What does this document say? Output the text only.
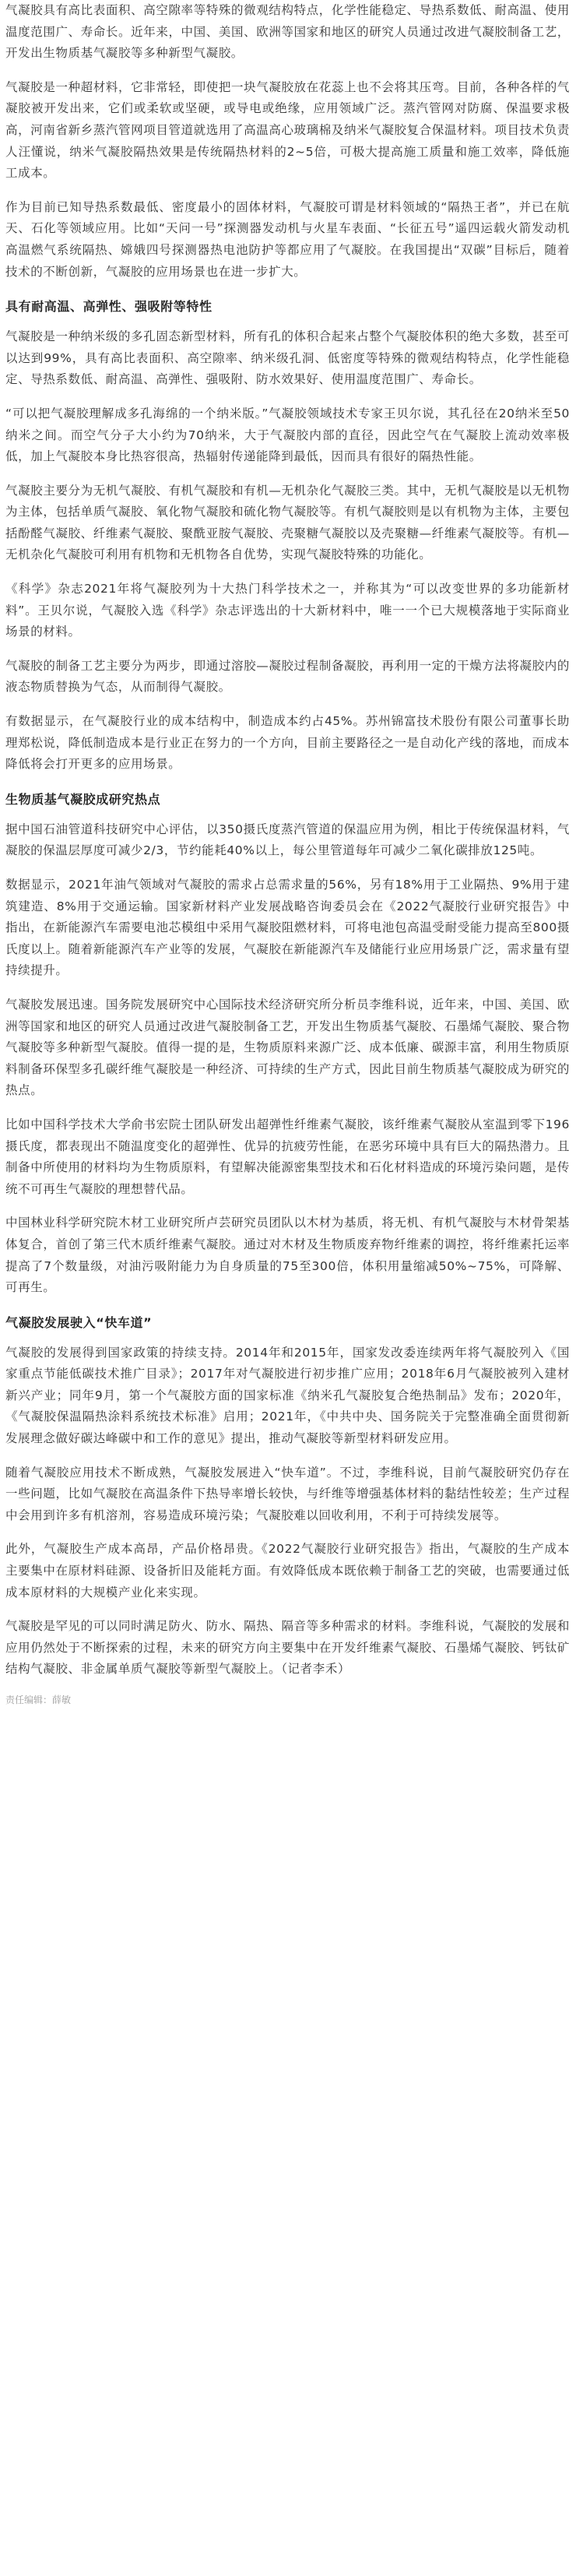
气凝胶具有高比表面积、高空隙率等特殊的微观结构特点，化学性能稳定、导热系数低、耐高温、使用温度范围广、寿命长。近年来，中国、美国、欧洲等国家和地区的研究人员通过改进气凝胶制备工艺，开发出生物质基气凝胶等多种新型气凝胶。
气凝胶是一种超材料，它非常轻，即使把一块气凝胶放在花蕊上也不会将其压弯。目前，各种各样的气凝胶被开发出来，它们或柔软或坚硬，或导电或绝缘，应用领域广泛。蒸汽管网对防腐、保温要求极高，河南省新乡蒸汽管网项目管道就选用了高温高心玻璃棉及纳米气凝胶复合保温材料。项目技术负责人汪懂说，纳米气凝胶隔热效果是传统隔热材料的2~5倍，可极大提高施工质量和施工效率，降低施工成本。
作为目前已知导热系数最低、密度最小的固体材料，气凝胶可谓是材料领域的“隔热王者”，并已在航天、石化等领域应用。比如“天问一号”探测器发动机与火星车表面、“长征五号”遥四运载火箭发动机高温燃气系统隔热、嫦娥四号探测器热电池防护等都应用了气凝胶。在我国提出“双碳”目标后，随着技术的不断创新，气凝胶的应用场景也在进一步扩大。
具有耐高温、高弹性、强吸附等特性
气凝胶是一种纳米级的多孔固态新型材料，所有孔的体积合起来占整个气凝胶体积的绝大多数，甚至可以达到99%，具有高比表面积、高空隙率、纳米级孔洞、低密度等特殊的微观结构特点，化学性能稳定、导热系数低、耐高温、高弹性、强吸附、防水效果好、使用温度范围广、寿命长。
“可以把气凝胶理解成多孔海绵的一个纳米版。”气凝胶领域技术专家王贝尔说，其孔径在20纳米至50纳米之间。而空气分子大小约为70纳米，大于气凝胶内部的直径，因此空气在气凝胶上流动效率极低，加上气凝胶本身比热容很高，热辐射传递能降到最低，因而具有很好的隔热性能。
气凝胶主要分为无机气凝胶、有机气凝胶和有机—无机杂化气凝胶三类。其中，无机气凝胶是以无机物为主体，包括单质气凝胶、氧化物气凝胶和硫化物气凝胶等。有机气凝胶则是以有机物为主体，主要包括酚醛气凝胶、纤维素气凝胶、聚酰亚胺气凝胶、壳聚糖气凝胶以及壳聚糖—纤维素气凝胶等。有机—无机杂化气凝胶可利用有机物和无机物各自优势，实现气凝胶特殊的功能化。
《科学》杂志2021年将气凝胶列为十大热门科学技术之一，并称其为“可以改变世界的多功能新材料”。王贝尔说，气凝胶入选《科学》杂志评选出的十大新材料中，唯一一个已大规模落地于实际商业场景的材料。
气凝胶的制备工艺主要分为两步，即通过溶胶—凝胶过程制备凝胶，再利用一定的干燥方法将凝胶内的液态物质替换为气态，从而制得气凝胶。
有数据显示，在气凝胶行业的成本结构中，制造成本约占45%。苏州锦富技术股份有限公司董事长助理郑松说，降低制造成本是行业正在努力的一个方向，目前主要路径之一是自动化产线的落地，而成本降低将会打开更多的应用场景。
生物质基气凝胶成研究热点
据中国石油管道科技研究中心评估，以350摄氏度蒸汽管道的保温应用为例，相比于传统保温材料，气凝胶的保温层厚度可减少2/3，节约能耗40%以上，每公里管道每年可减少二氧化碳排放125吨。
数据显示，2021年油气领域对气凝胶的需求占总需求量的56%，另有18%用于工业隔热、9%用于建筑建造、8%用于交通运输。国家新材料产业发展战略咨询委员会在《2022气凝胶行业研究报告》中指出，在新能源汽车需要电池芯模组中采用气凝胶阻燃材料，可将电池包高温受耐受能力提高至800摄氏度以上。随着新能源汽车产业等的发展，气凝胶在新能源汽车及储能行业应用场景广泛，需求量有望持续提升。
气凝胶发展迅速。国务院发展研究中心国际技术经济研究所分析员李维科说，近年来，中国、美国、欧洲等国家和地区的研究人员通过改进气凝胶制备工艺，开发出生物质基气凝胶、石墨烯气凝胶、聚合物气凝胶等多种新型气凝胶。值得一提的是，生物质原料来源广泛、成本低廉、碳源丰富，利用生物质原料制备环保型多孔碳纤维气凝胶是一种经济、可持续的生产方式，因此目前生物质基气凝胶成为研究的热点。
比如中国科学技术大学俞书宏院士团队研发出超弹性纤维素气凝胶，该纤维素气凝胶从室温到零下196摄氏度，都表现出不随温度变化的超弹性、优异的抗疲劳性能，在恶劣环境中具有巨大的隔热潜力。且制备中所使用的材料均为生物质原料，有望解决能源密集型技术和石化材料造成的环境污染问题，是传统不可再生气凝胶的理想替代品。
中国林业科学研究院木材工业研究所卢芸研究员团队以木材为基质，将无机、有机气凝胶与木材骨架基体复合，首创了第三代木质纤维素气凝胶。通过对木材及生物质废弃物纤维素的调控，将纤维素托运率提高了7个数量级，对油污吸附能力为自身质量的75至300倍，体积用量缩减50%~75%，可降解、可再生。
气凝胶发展驶入“快车道”
气凝胶的发展得到国家政策的持续支持。2014年和2015年，国家发改委连续两年将气凝胶列入《国家重点节能低碳技术推广目录》；2017年对气凝胶进行初步推广应用；2018年6月气凝胶被列入建材新兴产业；同年9月，第一个气凝胶方面的国家标准《纳米孔气凝胶复合绝热制品》发布；2020年，《气凝胶保温隔热涂料系统技术标准》启用；2021年，《中共中央、国务院关于完整准确全面贯彻新发展理念做好碳达峰碳中和工作的意见》提出，推动气凝胶等新型材料研发应用。
随着气凝胶应用技术不断成熟，气凝胶发展进入“快车道”。不过，李维科说，目前气凝胶研究仍存在一些问题，比如气凝胶在高温条件下热导率增长较快，与纤维等增强基体材料的黏结性较差；生产过程中会用到许多有机溶剂，容易造成环境污染；气凝胶难以回收利用，不利于可持续发展等。
此外，气凝胶生产成本高昂，产品价格昂贵。《2022气凝胶行业研究报告》指出，气凝胶的生产成本主要集中在原材料硅源、设备折旧及能耗方面。有效降低成本既依赖于制备工艺的突破，也需要通过低成本原材料的大规模产业化来实现。
气凝胶是罕见的可以同时满足防火、防水、隔热、隔音等多种需求的材料。李维科说，气凝胶的发展和应用仍然处于不断探索的过程，未来的研究方向主要集中在开发纤维素气凝胶、石墨烯气凝胶、钙钛矿结构气凝胶、非金属单质气凝胶等新型气凝胶上。（记者李禾）
责任编辑：薛敏
